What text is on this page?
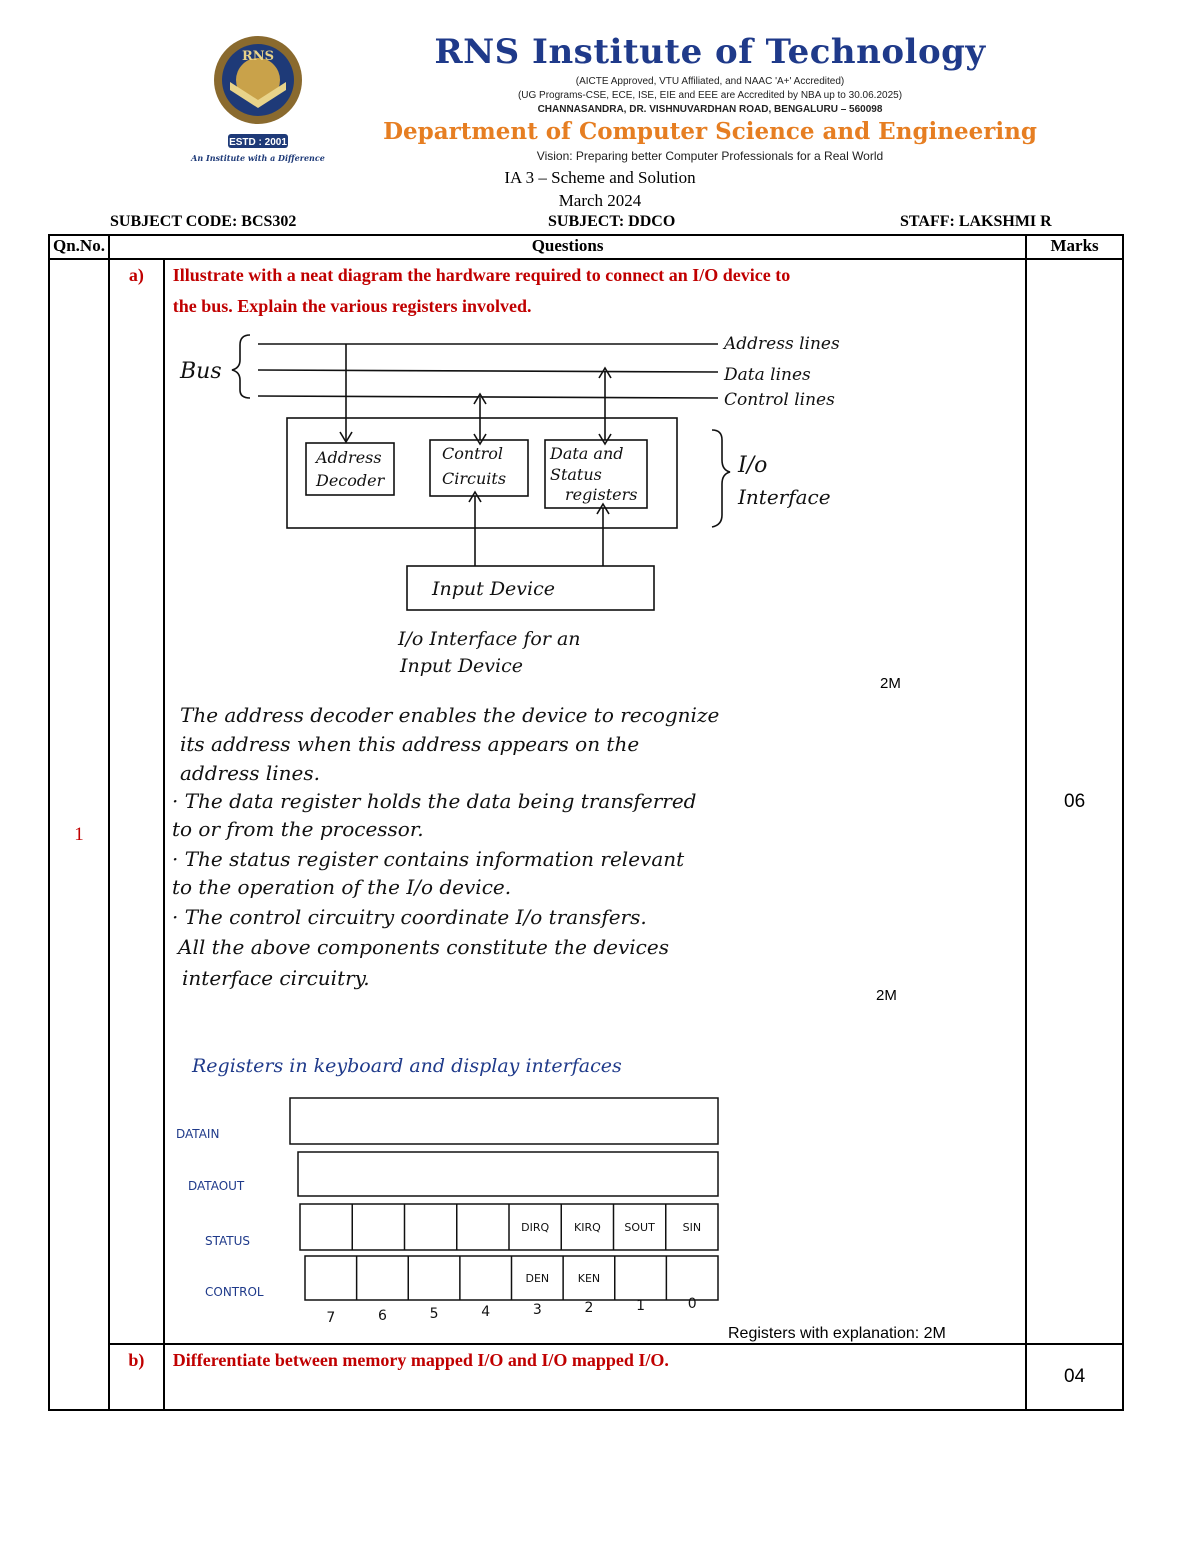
RNS
ESTD : 2001
An Institute with a Difference
RNS Institute of Technology
(AICTE Approved, VTU Affiliated, and NAAC 'A+' Accredited)
(UG Programs-CSE, ECE, ISE, EIE and EEE are Accredited by NBA up to 30.06.2025)
CHANNASANDRA, DR. VISHNUVARDHAN ROAD, BENGALURU – 560098
Department of Computer Science and Engineering
Vision: Preparing better Computer Professionals for a Real World
IA 3 – Scheme and Solution
March 2024
SUBJECT CODE: BCS302	SUBJECT: DDCO	STAFF: LAKSHMI R
Qn.No.	Questions		Marks
1	a)	Illustrate with a neat diagram the hardware required to connect an I/O device to
the bus. Explain the various registers involved.	06
	b)	Differentiate between memory mapped I/O and I/O mapped I/O.	04
Bus
Address lines
Data lines
Control lines
Address
Decoder
Control
Circuits
Data and
Status
registers
I/o
Interface
Input Device
I/o Interface for an
Input Device
2M
The address decoder enables the device to recognize
its address when this address appears on the
address lines.
· The data register holds the data being transferred
to or from the processor.
· The status register contains information relevant
to the operation of the I/o device.
· The control circuitry coordinate I/o transfers.
All the above components constitute the devices
interface circuitry.
2M
Registers in keyboard and display interfaces
DATAIN
DATAOUT
STATUS
CONTROL
DIRQ KIRQ SOUT	SIN
DEN	KEN
7	6	5	4	3	2	1	0
Registers with explanation: 2M
